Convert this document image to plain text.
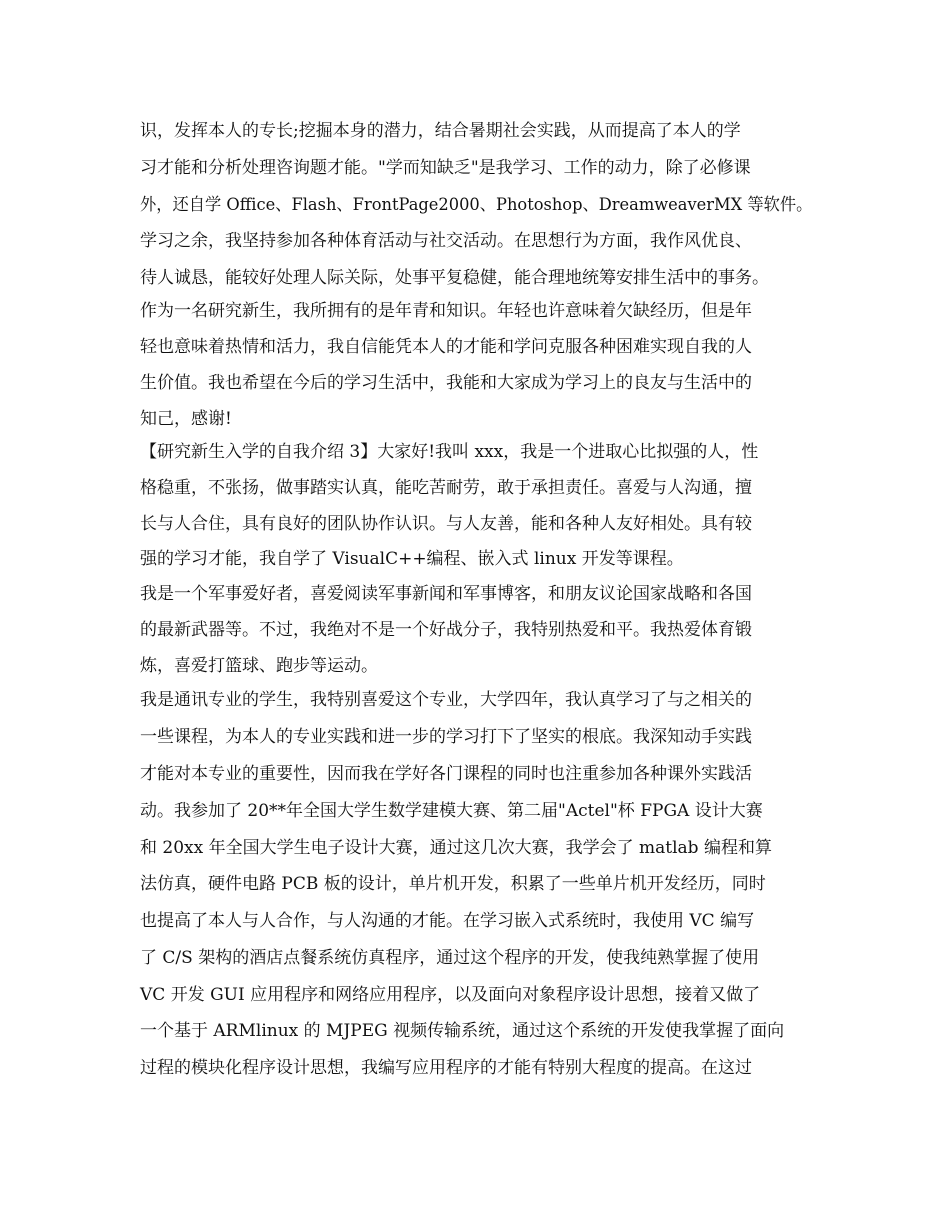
识，发挥本人的专长;挖掘本身的潜力，结合暑期社会实践，从而提高了本人的学
习才能和分析处理咨询题才能。"学而知缺乏"是我学习、工作的动力，除了必修课
外，还自学 Office、Flash、FrontPage2000、Photoshop、DreamweaverMX 等软件。
学习之余，我坚持参加各种体育活动与社交活动。在思想行为方面，我作风优良、
待人诚恳，能较好处理人际关际，处事平复稳健，能合理地统筹安排生活中的事务。
作为一名研究新生，我所拥有的是年青和知识。年轻也许意味着欠缺经历，但是年
轻也意味着热情和活力，我自信能凭本人的才能和学问克服各种困难实现自我的人
生价值。我也希望在今后的学习生活中，我能和大家成为学习上的良友与生活中的
知己，感谢!
【研究新生入学的自我介绍 3】大家好!我叫 xxx，我是一个进取心比拟强的人，性
格稳重，不张扬，做事踏实认真，能吃苦耐劳，敢于承担责任。喜爱与人沟通，擅
长与人合住，具有良好的团队协作认识。与人友善，能和各种人友好相处。具有较
强的学习才能，我自学了 VisualC++编程、嵌入式 linux 开发等课程。
我是一个军事爱好者，喜爱阅读军事新闻和军事博客，和朋友议论国家战略和各国
的最新武器等。不过，我绝对不是一个好战分子，我特别热爱和平。我热爱体育锻
炼，喜爱打篮球、跑步等运动。
我是通讯专业的学生，我特别喜爱这个专业，大学四年，我认真学习了与之相关的
一些课程，为本人的专业实践和进一步的学习打下了坚实的根底。我深知动手实践
才能对本专业的重要性，因而我在学好各门课程的同时也注重参加各种课外实践活
动。我参加了 20**年全国大学生数学建模大赛、第二届"Actel"杯 FPGA 设计大赛
和 20xx 年全国大学生电子设计大赛，通过这几次大赛，我学会了 matlab 编程和算
法仿真，硬件电路 PCB 板的设计，单片机开发，积累了一些单片机开发经历，同时
也提高了本人与人合作，与人沟通的才能。在学习嵌入式系统时，我使用 VC 编写
了 C/S 架构的酒店点餐系统仿真程序，通过这个程序的开发，使我纯熟掌握了使用
VC 开发 GUI 应用程序和网络应用程序，以及面向对象程序设计思想，接着又做了
一个基于 ARMlinux 的 MJPEG 视频传输系统，通过这个系统的开发使我掌握了面向
过程的模块化程序设计思想，我编写应用程序的才能有特别大程度的提高。在这过
